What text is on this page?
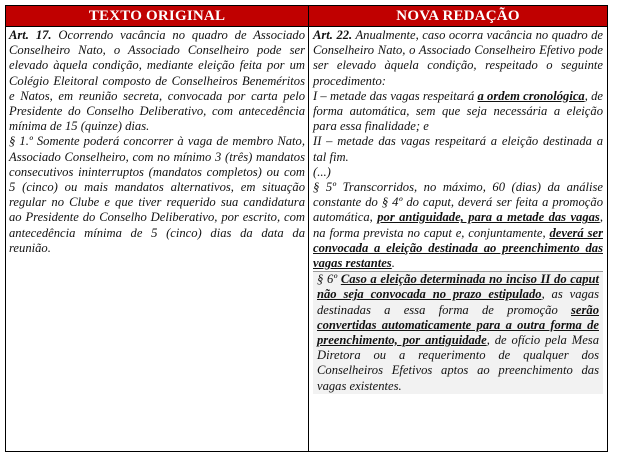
TEXTO ORIGINAL	NOVA REDAÇÃO

Art. 17. Ocorrendo vacância no quadro de Associado Conselheiro Nato, o Associado Conselheiro pode ser elevado àquela condição, mediante eleição feita por um Colégio Eleitoral composto de Conselheiros Beneméritos e Natos, em reunião secreta, convocada por carta pelo Presidente do Conselho Deliberativo, com antecedência mínima de 15 (quinze) dias.

§ 1.º Somente poderá concorrer à vaga de membro Nato, Associado Conselheiro, com no mínimo 3 (três) mandatos consecutivos ininterruptos (mandatos completos) ou com 5 (cinco) ou mais mandatos alternativos, em situação regular no Clube e que tiver requerido sua candidatura ao Presidente do Conselho Deliberativo, por escrito, com antecedência mínima de 5 (cinco) dias da data da reunião.

Art. 22. Anualmente, caso ocorra vacância no quadro de Conselheiro Nato, o Associado Conselheiro Efetivo pode ser elevado àquela condição, respeitado o seguinte procedimento:

I – metade das vagas respeitará a ordem cronológica, de forma automática, sem que seja necessária a eleição para essa finalidade; e

II – metade das vagas respeitará a eleição destinada a tal fim.

(...)

§ 5º Transcorridos, no máximo, 60 (dias) da análise constante do § 4º do caput, deverá ser feita a promoção automática, por antiguidade, para a metade das vagas, na forma prevista no caput e, conjuntamente, deverá ser convocada a eleição destinada ao preenchimento das vagas restantes.

§ 6º Caso a eleição determinada no inciso II do caput não seja convocada no prazo estipulado, as vagas destinadas a essa forma de promoção serão convertidas automaticamente para a outra forma de preenchimento, por antiguidade, de ofício pela Mesa Diretora ou a requerimento de qualquer dos Conselheiros Efetivos aptos ao preenchimento das vagas existentes.
